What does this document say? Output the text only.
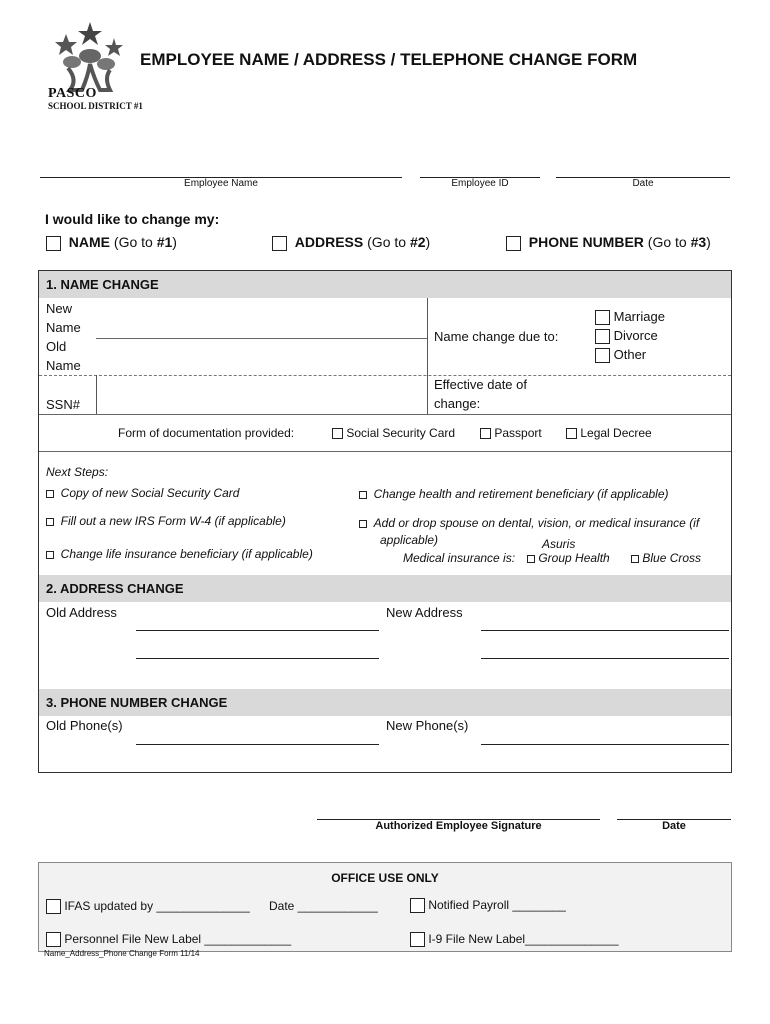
PASCO
SCHOOL DISTRICT #1
EMPLOYEE NAME / ADDRESS / TELEPHONE CHANGE FORM
Employee Name	Employee ID	Date
I would like to change my:
NAME (Go to #1)	ADDRESS (Go to #2)	PHONE NUMBER (Go to #3)
1. NAME CHANGE
New
Name
Old
Name
SSN#
Name change due to:
Marriage
Divorce
Other
Effective date of
change:
Form of documentation provided:	Social Security Card	Passport	Legal Decree
Next Steps:
Copy of new Social Security Card
Fill out a new IRS Form W-4 (if applicable)
Change life insurance beneficiary (if applicable)
Change health and retirement beneficiary (if applicable)
Add or drop spouse on dental, vision, or medical insurance (if
applicable)	Asuris
Medical insurance is:	Group Health	Blue Cross
2. ADDRESS CHANGE
Old Address	New Address
3. PHONE NUMBER CHANGE
Old Phone(s)	New Phone(s)
Authorized Employee Signature	Date
OFFICE USE ONLY
IFAS updated by ______________ Date ____________	Notified Payroll ________
Personnel File New Label _____________	I-9 File New Label______________
Name_Address_Phone Change Form 11/14
